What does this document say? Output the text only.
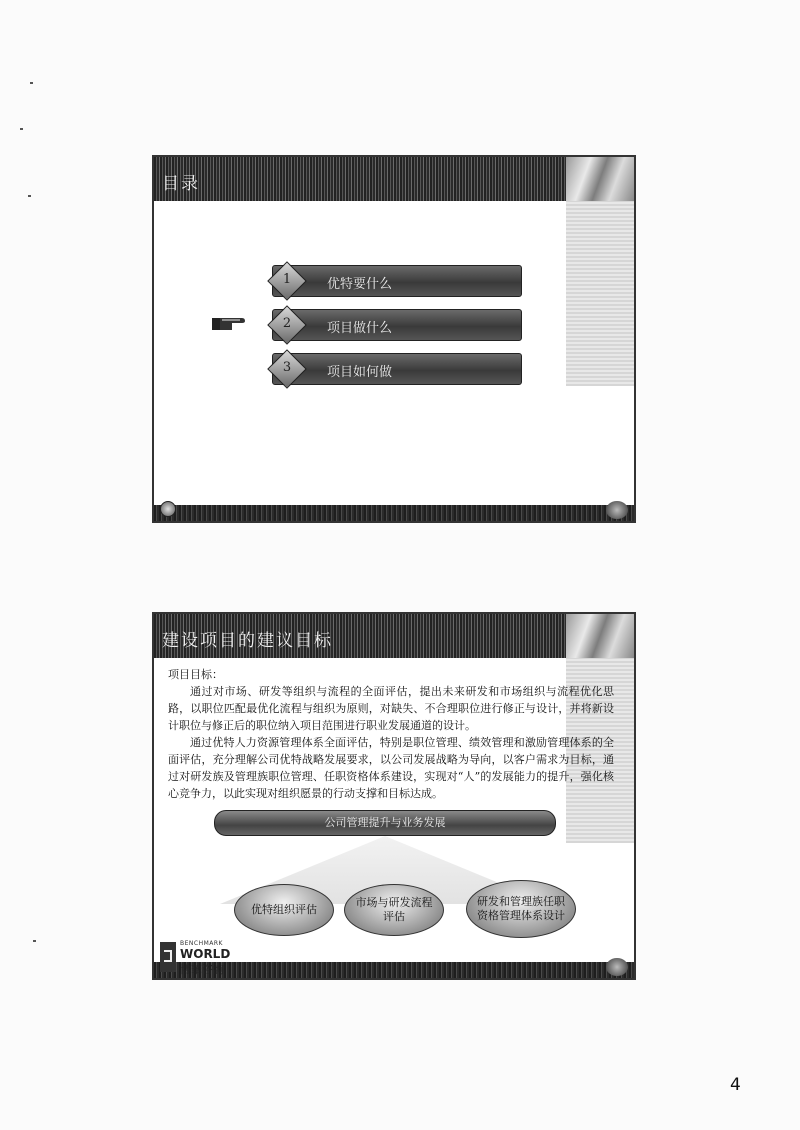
目录
1	优特要什么
2	项目做什么
3	项目如何做
建设项目的建议目标

项目目标：

通过对市场、研发等组织与流程的全面评估，提出未来研发和市场组织与流程优化思路，以职位匹配最优化流程与组织为原则，对缺失、不合理职位进行修正与设计，并将新设计职位与修正后的职位纳入项目范围进行职业发展通道的设计。

通过优特人力资源管理体系全面评估，特别是职位管理、绩效管理和激励管理体系的全面评估，充分理解公司优特战略发展要求，以公司发展战略为导向，以客户需求为目标，通过对研发族及管理族职位管理、任职资格体系建设，实现对“人”的发展能力的提升，强化核心竞争力，以此实现对组织愿景的行动支撑和目标达成。

公司管理提升与业务发展
优特组织评估
市场与研发流程评估
研发和管理族任职资格管理体系设计
BENCHMARK
WORLD
博華咨詢
4
